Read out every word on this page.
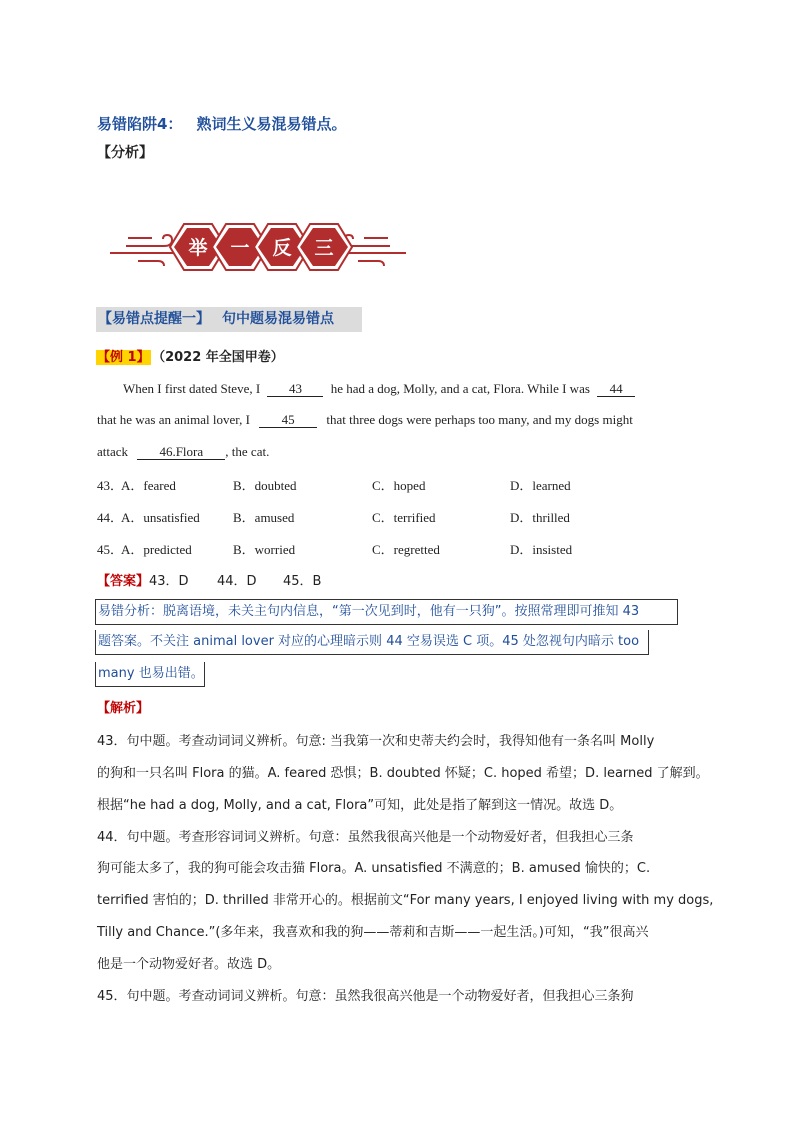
易错陷阱4： 熟词生义易混易错点。
【分析】
举 一 反 三
【易错点提醒一】 句中题易混易错点
【例 1】 （2022 年全国甲卷）
When I first dated Steve, I 43 he had a dog, Molly, and a cat, Flora. While I was 44
that he was an animal lover, I 45 that three dogs were perhaps too many, and my dogs might
attack 46.Flora , the cat.
43．
A．feared	B．doubted	C．hoped	D．learned
44．
A．unsatisfied	B．amused	C．terrified	D．thrilled
45．
A．predicted	B．worried	C．regretted	D．insisted
【答案】 43．D 44．D 45．B
易错分析：脱离语境，未关主句内信息，“第一次见到时，他有一只狗”。按照常理即可推知 43
题答案。不关注 animal lover 对应的心理暗示则 44 空易误选 C 项。45 处忽视句内暗示 too
many 也易出错。
【解析】
43．句中题。考查动词词义辨析。句意: 当我第一次和史蒂夫约会时，我得知他有一条名叫 Molly
的狗和一只名叫 Flora 的猫。A. feared 恐惧；B. doubted 怀疑；C. hoped 希望；D. learned 了解到。
根据“he had a dog, Molly, and a cat, Flora”可知，此处是指了解到这一情况。故选 D。
44．句中题。考查形容词词义辨析。句意：虽然我很高兴他是一个动物爱好者，但我担心三条
狗可能太多了，我的狗可能会攻击猫 Flora。A. unsatisfied 不满意的；B. amused 愉快的；C.
terrified 害怕的；D. thrilled 非常开心的。根据前文“For many years, I enjoyed living with my dogs,
Tilly and Chance.”(多年来，我喜欢和我的狗——蒂莉和吉斯——一起生活。)可知，“我”很高兴
他是一个动物爱好者。故选 D。
45．句中题。考查动词词义辨析。句意：虽然我很高兴他是一个动物爱好者，但我担心三条狗
